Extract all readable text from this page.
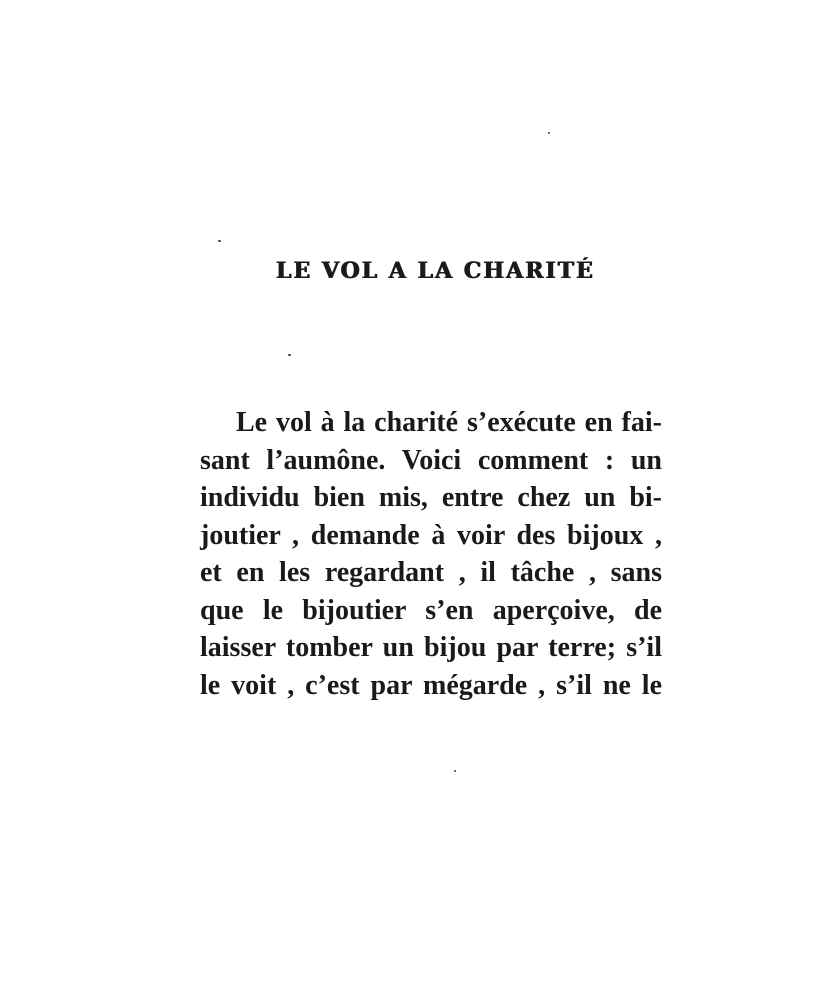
LE VOL A LA CHARITÉ
Le vol à la charité s’exécute en fai-
sant l’aumône. Voici comment : un
individu bien mis, entre chez un bi-
joutier , demande à voir des bijoux ,
et en les regardant , il tâche , sans
que le bijoutier s’en aperçoive, de
laisser tomber un bijou par terre; s’il
le voit , c’est par mégarde , s’il ne le
